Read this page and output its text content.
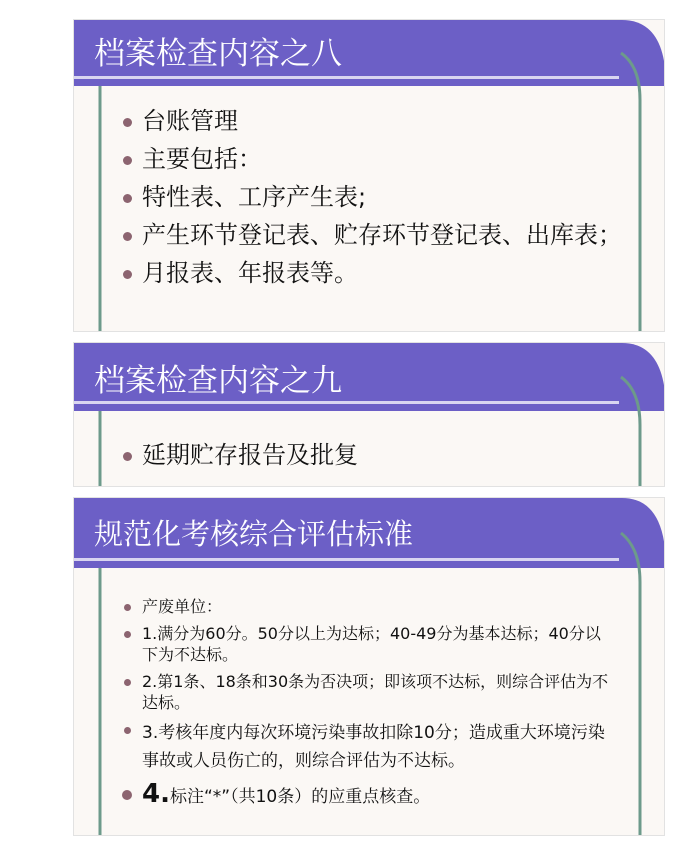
档案检查内容之八
台账管理
主要包括：
特性表、工序产生表;
产生环节登记表、贮存环节登记表、出库表；
月报表、年报表等。
档案检查内容之九
延期贮存报告及批复
规范化考核综合评估标准
产废单位：
1.满分为60分。50分以上为达标；40-49分为基本达标；40分以下为不达标。
2.第1条、18条和30条为否决项；即该项不达标，则综合评估为不达标。
3.考核年度内每次环境污染事故扣除10分；造成重大环境污染事故或人员伤亡的，则综合评估为不达标。
4.标注“*”（共10条）的应重点核查。
